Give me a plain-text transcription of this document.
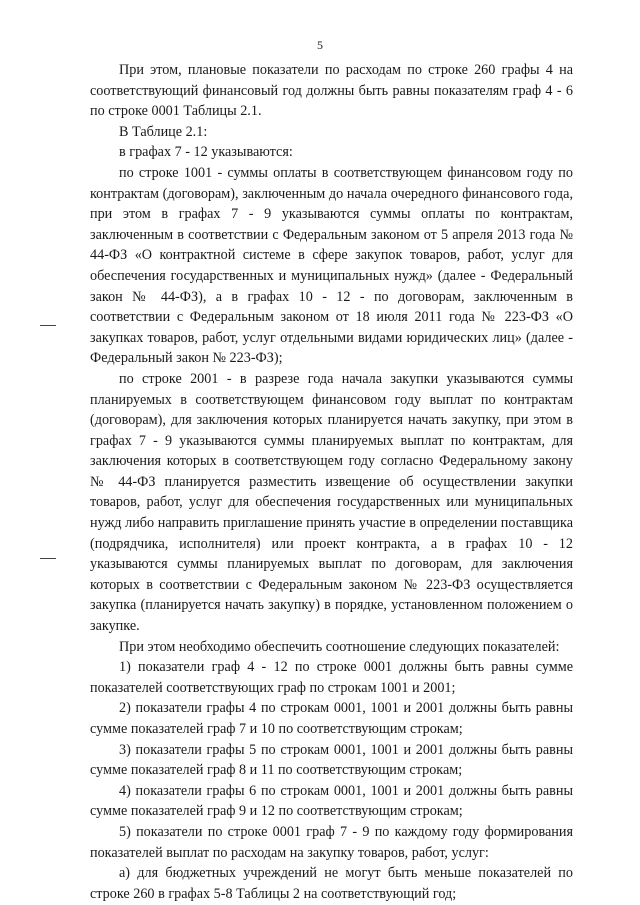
5

При этом, плановые показатели по расходам по строке 260 графы 4 на соответствующий финансовый год должны быть равны показателям граф 4 - 6 по строке 0001 Таблицы 2.1.

В Таблице 2.1:

в графах 7 - 12 указываются:

по строке 1001 - суммы оплаты в соответствующем финансовом году по контрактам (договорам), заключенным до начала очередного финансового года, при этом в графах 7 - 9 указываются суммы оплаты по контрактам, заключенным в соответствии с Федеральным законом от 5 апреля 2013 года № 44-ФЗ «О контрактной системе в сфере закупок товаров, работ, услуг для обеспечения государственных и муниципальных нужд» (далее - Федеральный закон № 44-ФЗ), а в графах 10 - 12 - по договорам, заключенным в соответствии с Федеральным законом от 18 июля 2011 года № 223-ФЗ «О закупках товаров, работ, услуг отдельными видами юридических лиц» (далее - Федеральный закон № 223-ФЗ);

по строке 2001 - в разрезе года начала закупки указываются суммы планируемых в соответствующем финансовом году выплат по контрактам (договорам), для заключения которых планируется начать закупку, при этом в графах 7 - 9 указываются суммы планируемых выплат по контрактам, для заключения которых в соответствующем году согласно Федеральному закону № 44-ФЗ планируется разместить извещение об осуществлении закупки товаров, работ, услуг для обеспечения государственных или муниципальных нужд либо направить приглашение принять участие в определении поставщика (подрядчика, исполнителя) или проект контракта, а в графах 10 - 12 указываются суммы планируемых выплат по договорам, для заключения которых в соответствии с Федеральным законом № 223-ФЗ осуществляется закупка (планируется начать закупку) в порядке, установленном положением о закупке.

При этом необходимо обеспечить соотношение следующих показателей:

1) показатели граф 4 - 12 по строке 0001 должны быть равны сумме показателей соответствующих граф по строкам 1001 и 2001;

2) показатели графы 4 по строкам 0001, 1001 и 2001 должны быть равны сумме показателей граф 7 и 10 по соответствующим строкам;

3) показатели графы 5 по строкам 0001, 1001 и 2001 должны быть равны сумме показателей граф 8 и 11 по соответствующим строкам;

4) показатели графы 6 по строкам 0001, 1001 и 2001 должны быть равны сумме показателей граф 9 и 12 по соответствующим строкам;

5) показатели по строке 0001 граф 7 - 9 по каждому году формирования показателей выплат по расходам на закупку товаров, работ, услуг:

а) для бюджетных учреждений не могут быть меньше показателей по строке 260 в графах 5-8 Таблицы 2 на соответствующий год;
